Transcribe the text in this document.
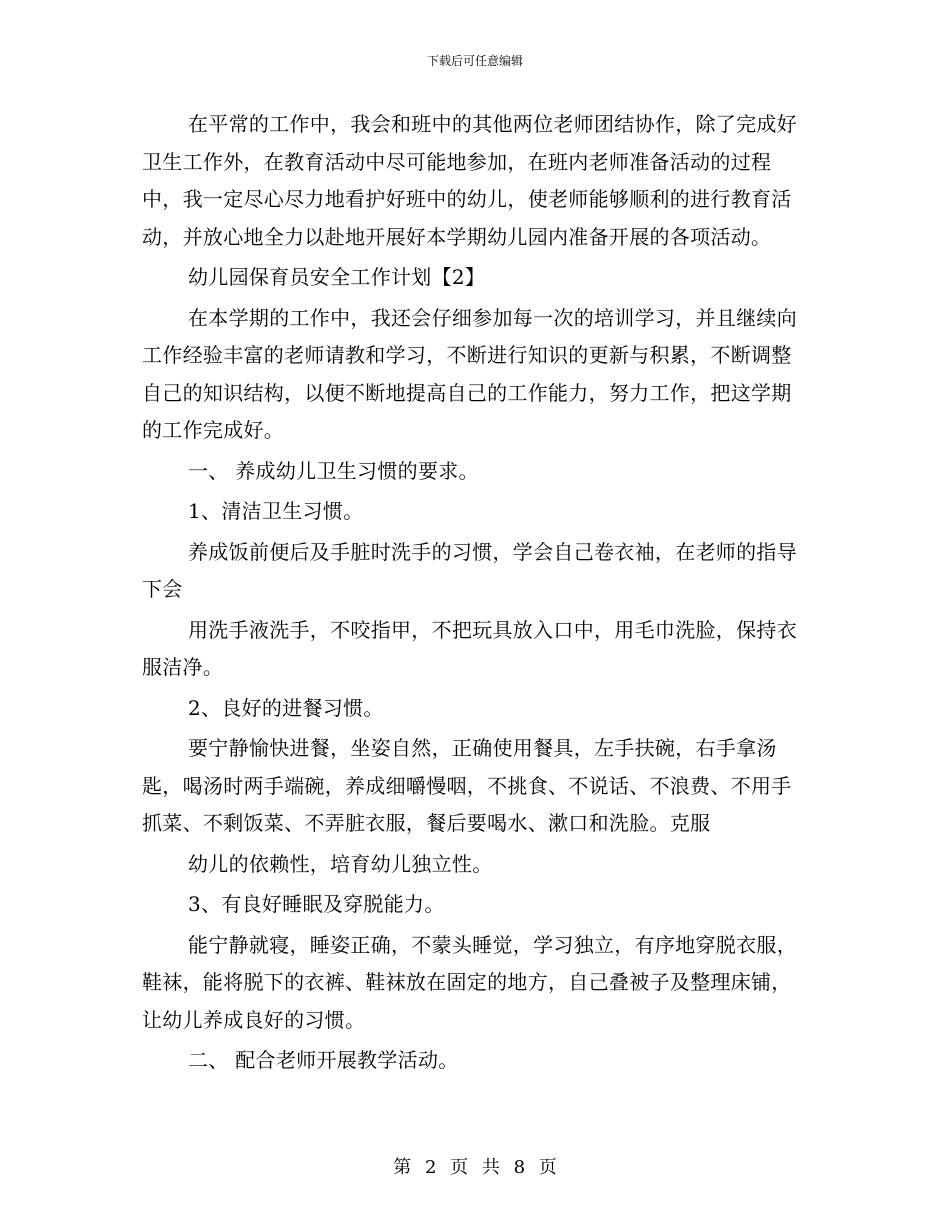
下载后可任意编辑

在平常的工作中，我会和班中的其他两位老师团结协作，除了完成好卫生工作外，在教育活动中尽可能地参加，在班内老师准备活动的过程中，我一定尽心尽力地看护好班中的幼儿，使老师能够顺利的进行教育活动，并放心地全力以赴地开展好本学期幼儿园内准备开展的各项活动。

幼儿园保育员安全工作计划【2】

在本学期的工作中，我还会仔细参加每一次的培训学习，并且继续向工作经验丰富的老师请教和学习，不断进行知识的更新与积累，不断调整自己的知识结构，以便不断地提高自己的工作能力，努力工作，把这学期的工作完成好。

一、 养成幼儿卫生习惯的要求。

1、清洁卫生习惯。

养成饭前便后及手脏时洗手的习惯，学会自己卷衣袖，在老师的指导下会

用洗手液洗手，不咬指甲，不把玩具放入口中，用毛巾洗脸，保持衣服洁净。

2、良好的进餐习惯。

要宁静愉快进餐，坐姿自然，正确使用餐具，左手扶碗，右手拿汤匙，喝汤时两手端碗，养成细嚼慢咽，不挑食、不说话、不浪费、不用手抓菜、不剩饭菜、不弄脏衣服，餐后要喝水、漱口和洗脸。克服

幼儿的依赖性，培育幼儿独立性。

3、有良好睡眠及穿脱能力。

能宁静就寝，睡姿正确，不蒙头睡觉，学习独立，有序地穿脱衣服，鞋袜，能将脱下的衣裤、鞋袜放在固定的地方，自己叠被子及整理床铺，让幼儿养成良好的习惯。

二、 配合老师开展教学活动。

第 2 页 共 8 页
